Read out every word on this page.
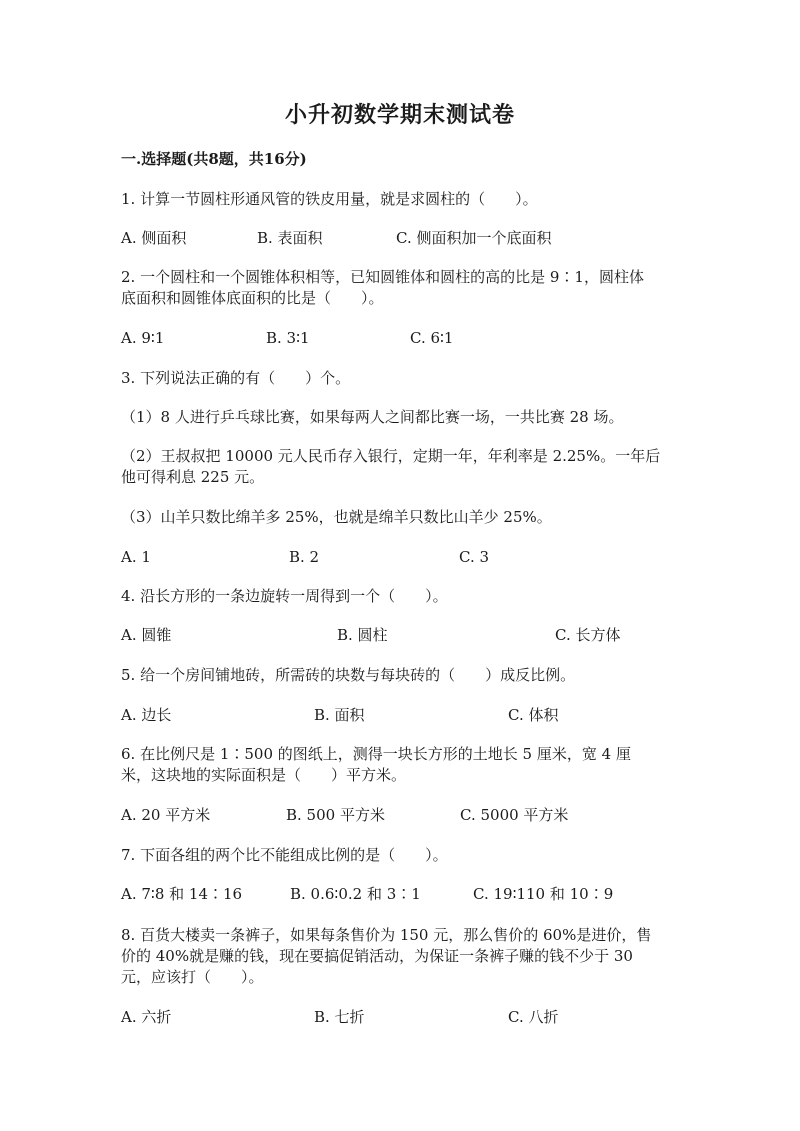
小升初数学期末测试卷
一.选择题(共8题，共16分)

1. 计算一节圆柱形通风管的铁皮用量，就是求圆柱的（　　）。

A. 侧面积	B. 表面积	C. 侧面积加一个底面积

2. 一个圆柱和一个圆锥体积相等，已知圆锥体和圆柱的高的比是 9∶1，圆柱体

底面积和圆锥体底面积的比是（　　）。

A. 9∶1	B. 3∶1	C. 6∶1

3. 下列说法正确的有（　　）个。

（1）8 人进行乒乓球比赛，如果每两人之间都比赛一场，一共比赛 28 场。

（2）王叔叔把 10000 元人民币存入银行，定期一年，年利率是 2.25%。一年后

他可得利息 225 元。

（3）山羊只数比绵羊多 25%，也就是绵羊只数比山羊少 25%。

A. 1	B. 2	C. 3

4. 沿长方形的一条边旋转一周得到一个（　　）。

A. 圆锥	B. 圆柱	C. 长方体

5. 给一个房间铺地砖，所需砖的块数与每块砖的（　　）成反比例。

A. 边长	B. 面积	C. 体积

6. 在比例尺是 1∶500 的图纸上，测得一块长方形的土地长 5 厘米，宽 4 厘

米，这块地的实际面积是（　　）平方米。

A. 20 平方米	B. 500 平方米	C. 5000 平方米

7. 下面各组的两个比不能组成比例的是（　　）。

A. 7∶8 和 14∶16	B. 0.6∶0.2 和 3∶1	C. 19∶110 和 10∶9

8. 百货大楼卖一条裤子，如果每条售价为 150 元，那么售价的 60%是进价，售

价的 40%就是赚的钱，现在要搞促销活动，为保证一条裤子赚的钱不少于 30

元，应该打（　　）。

A. 六折	B. 七折	C. 八折
